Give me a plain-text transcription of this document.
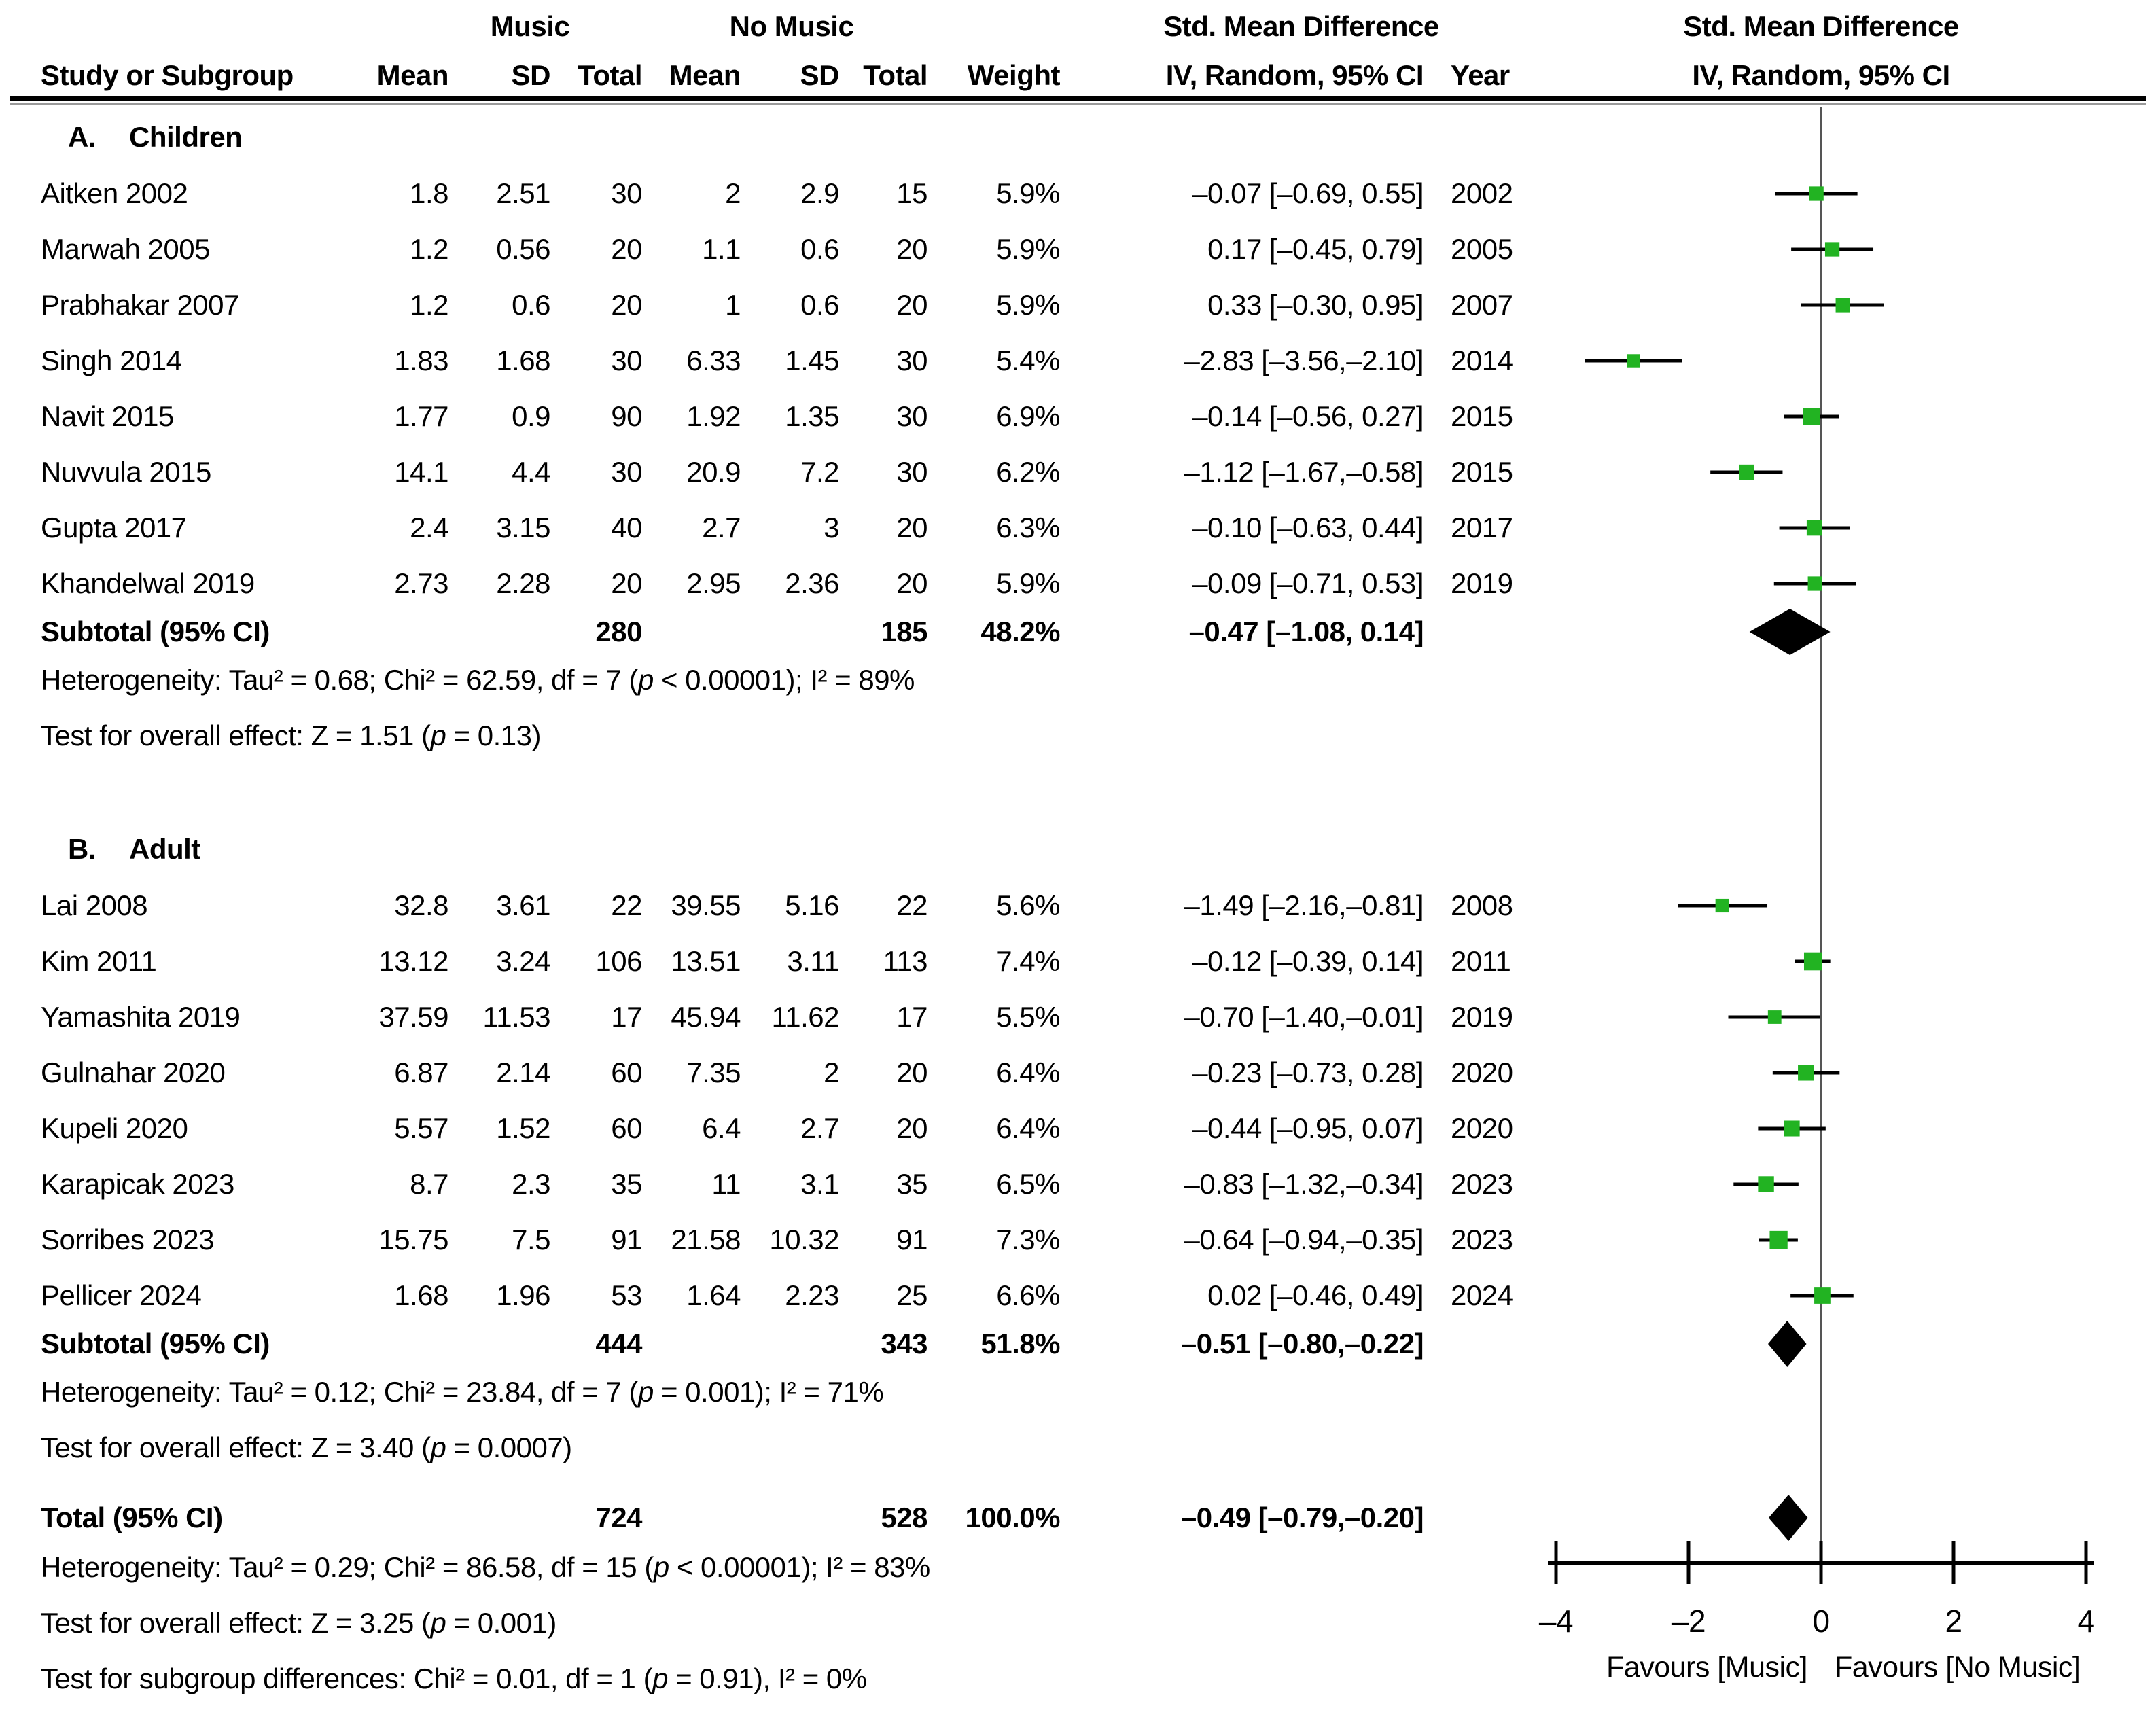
Music	No Music	Std. Mean Difference	Std. Mean Difference
Study or Subgroup	Mean SD Total Mean SD Total Weight	IV, Random, 95% CI Year	IV, Random, 95% CI
A. Children
Aitken 2002	1.8 2.51 30	2 2.9 15 5.9%	–0.07 [–0.69, 0.55] 2002
Marwah 2005	1.2 0.56 20 1.1 0.6 20 5.9%	0.17 [–0.45, 0.79] 2005
Prabhakar 2007	1.2 0.6 20	1 0.6 20 5.9%	0.33 [–0.30, 0.95] 2007
Singh 2014	1.83 1.68 30 6.33 1.45 30 5.4%	–2.83 [–3.56,–2.10] 2014
Navit 2015	1.77 0.9 90 1.92 1.35 30 6.9%	–0.14 [–0.56, 0.27] 2015
Nuvvula 2015	14.1 4.4 30 20.9 7.2 30 6.2%	–1.12 [–1.67,–0.58] 2015
Gupta 2017	2.4 3.15 40 2.7	3 20 6.3%	–0.10 [–0.63, 0.44] 2017
Khandelwal 2019	2.73 2.28 20 2.95 2.36 20 5.9%	–0.09 [–0.71, 0.53] 2019
Subtotal (95% CI)	280	185 48.2%	–0.47 [–1.08, 0.14]
Heterogeneity: Tau² = 0.68; Chi² = 62.59, df = 7 (p < 0.00001); I² = 89%
Test for overall effect: Z = 1.51 (p = 0.13)
B. Adult
Lai 2008	32.8 3.61 22 39.55 5.16 22 5.6%	–1.49 [–2.16,–0.81] 2008
Kim 2011	13.12 3.24 106 13.51 3.11 113 7.4%	–0.12 [–0.39, 0.14] 2011
Yamashita 2019	37.59 11.53 17 45.94 11.62 17 5.5%	–0.70 [–1.40,–0.01] 2019
Gulnahar 2020	6.87 2.14 60 7.35	2 20 6.4%	–0.23 [–0.73, 0.28] 2020
Kupeli 2020	5.57 1.52 60 6.4 2.7 20 6.4%	–0.44 [–0.95, 0.07] 2020
Karapicak 2023	8.7 2.3 35 11 3.1 35 6.5%	–0.83 [–1.32,–0.34] 2023
Sorribes 2023	15.75 7.5 91 21.58 10.32 91 7.3%	–0.64 [–0.94,–0.35] 2023
Pellicer 2024	1.68 1.96 53 1.64 2.23 25 6.6%	0.02 [–0.46, 0.49] 2024
Subtotal (95% CI)	444	343 51.8%	–0.51 [–0.80,–0.22]
Heterogeneity: Tau² = 0.12; Chi² = 23.84, df = 7 (p = 0.001); I² = 71%
Test for overall effect: Z = 3.40 (p = 0.0007)
Total (95% CI)	724	528 100.0%	–0.49 [–0.79,–0.20]
Heterogeneity: Tau² = 0.29; Chi² = 86.58, df = 15 (p < 0.00001); I² = 83%
Test for overall effect: Z = 3.25 (p = 0.001)
Test for subgroup differences: Chi² = 0.01, df = 1 (p = 0.91), I² = 0%
–4	–2	0	2	4
Favours [Music] Favours [No Music]
